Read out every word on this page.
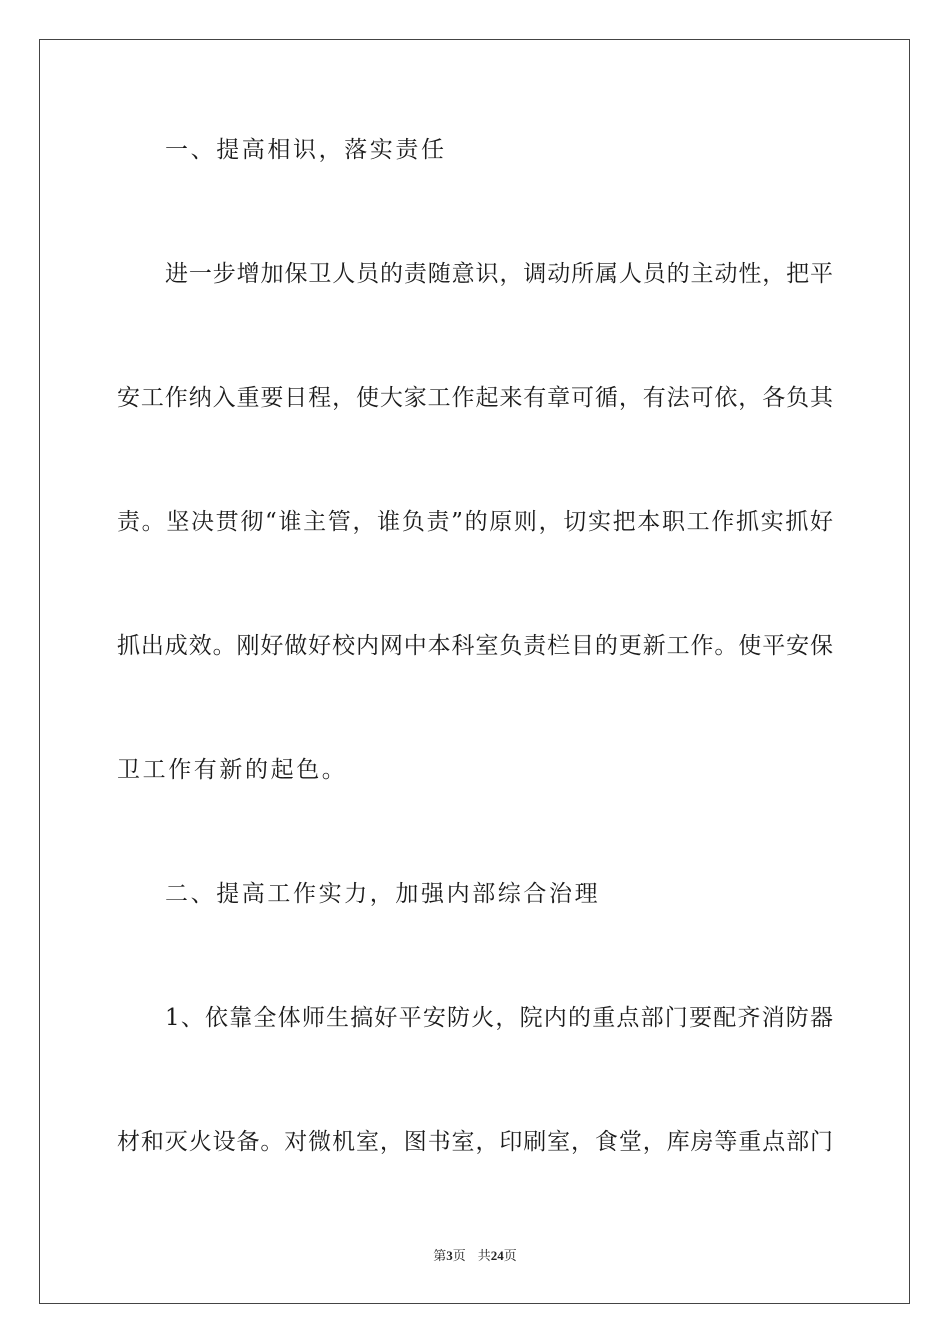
一、提高相识，落实责任
进一步增加保卫人员的责随意识，调动所属人员的主动性，把平
安工作纳入重要日程，使大家工作起来有章可循，有法可依，各负其
责。坚决贯彻“谁主管，谁负责”的原则，切实把本职工作抓实抓好
抓出成效。刚好做好校内网中本科室负责栏目的更新工作。使平安保
卫工作有新的起色。
二、提高工作实力，加强内部综合治理
1、依靠全体师生搞好平安防火，院内的重点部门要配齐消防器
材和灭火设备。对微机室，图书室，印刷室，食堂，库房等重点部门
第3页 共24页
